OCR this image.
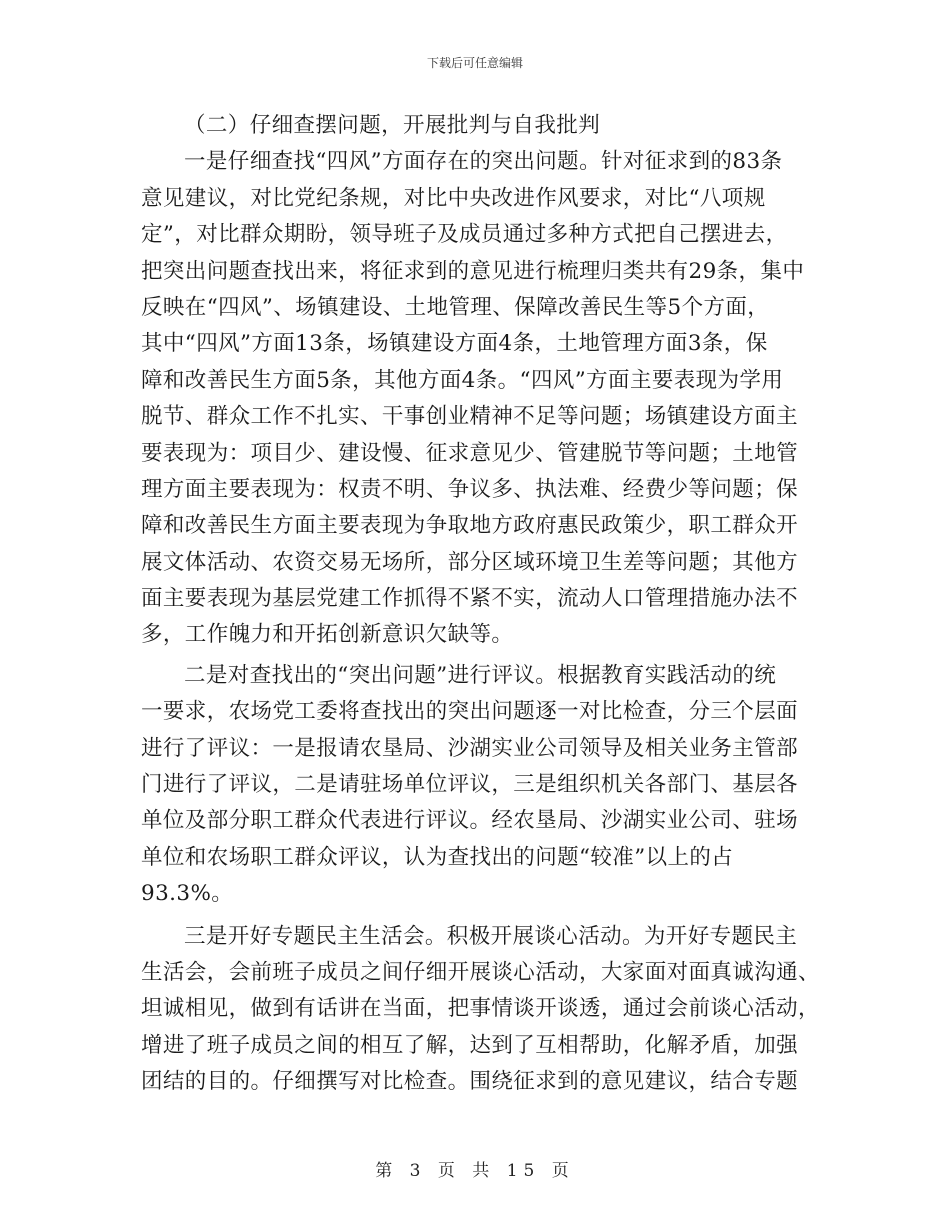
下载后可任意编辑
（二）仔细查摆问题，开展批判与自我批判
一是仔细查找“四风”方面存在的突出问题。针对征求到的83条
意见建议，对比党纪条规，对比中央改进作风要求，对比“八项规
定”，对比群众期盼，领导班子及成员通过多种方式把自己摆进去，
把突出问题查找出来，将征求到的意见进行梳理归类共有29条，集中
反映在“四风”、场镇建设、土地管理、保障改善民生等5个方面，
其中“四风”方面13条，场镇建设方面4条，土地管理方面3条，保
障和改善民生方面5条，其他方面4条。“四风”方面主要表现为学用
脱节、群众工作不扎实、干事创业精神不足等问题；场镇建设方面主
要表现为：项目少、建设慢、征求意见少、管建脱节等问题；土地管
理方面主要表现为：权责不明、争议多、执法难、经费少等问题；保
障和改善民生方面主要表现为争取地方政府惠民政策少，职工群众开
展文体活动、农资交易无场所，部分区域环境卫生差等问题；其他方
面主要表现为基层党建工作抓得不紧不实，流动人口管理措施办法不
多，工作魄力和开拓创新意识欠缺等。
二是对查找出的“突出问题”进行评议。根据教育实践活动的统
一要求，农场党工委将查找出的突出问题逐一对比检查，分三个层面
进行了评议：一是报请农垦局、沙湖实业公司领导及相关业务主管部
门进行了评议，二是请驻场单位评议，三是组织机关各部门、基层各
单位及部分职工群众代表进行评议。经农垦局、沙湖实业公司、驻场
单位和农场职工群众评议，认为查找出的问题“较准”以上的占
93.3%。
三是开好专题民主生活会。积极开展谈心活动。为开好专题民主
生活会，会前班子成员之间仔细开展谈心活动，大家面对面真诚沟通、
坦诚相见，做到有话讲在当面，把事情谈开谈透，通过会前谈心活动，
增进了班子成员之间的相互了解，达到了互相帮助，化解矛盾，加强
团结的目的。仔细撰写对比检查。围绕征求到的意见建议，结合专题
第 3 页 共 15 页
